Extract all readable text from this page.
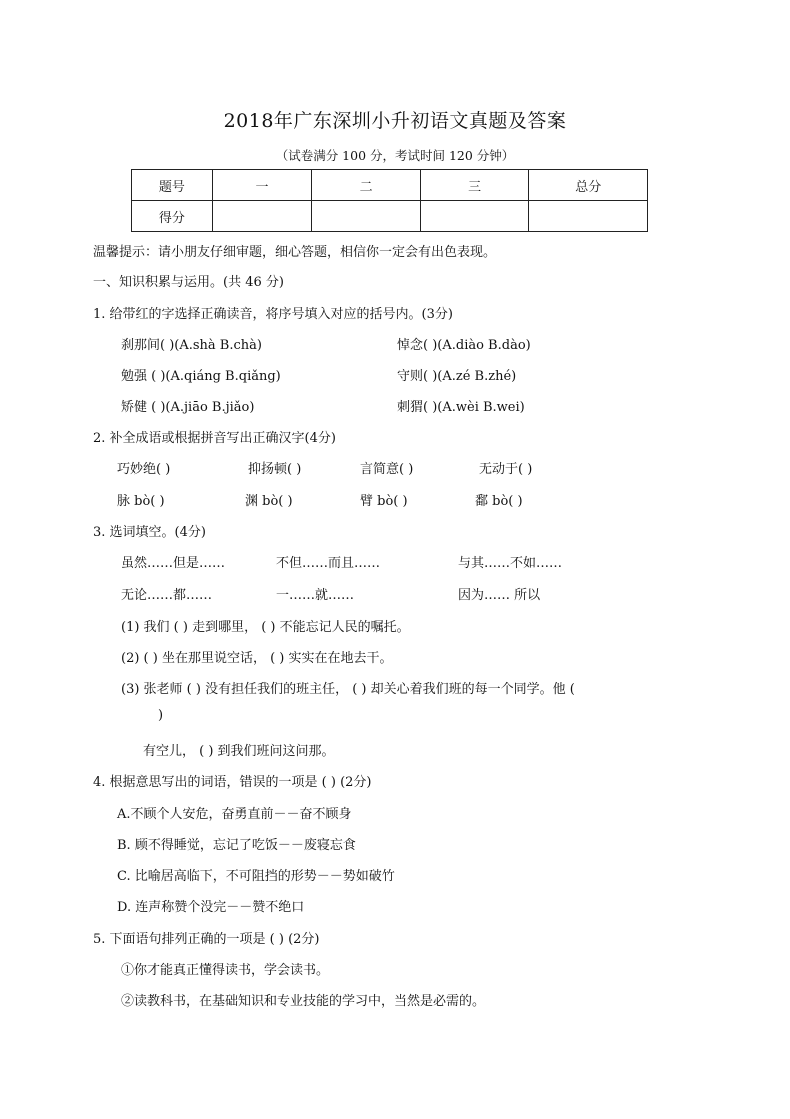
2018年广东深圳小升初语文真题及答案
（试卷满分 100 分，考试时间 120 分钟）
题号	一	二	三	总分
得分				
温馨提示：请小朋友仔细审题，细心答题，相信你一定会有出色表现。
一、知识积累与运用。(共 46 分)
1. 给带红的字选择正确读音，将序号填入对应的括号内。(3分)
刹那间( )(A.shà B.chà)	悼念( )(A.diào B.dào)
勉强 ( )(A.qiáng B.qiǎng)	守则( )(A.zé B.zhé)
矫健 ( )(A.jiāo B.jiǎo)	刺猬( )(A.wèi B.wei)
2. 补全成语或根据拼音写出正确汉字(4分)
巧妙绝( )	抑扬顿( )	言简意( )	无动于( )
脉 bò( )	渊 bò( )	臂 bò( )	鄱 bò( )
3. 选词填空。(4分)
虽然……但是……	不但……而且……	与其……不如……
无论……都……	一……就……	因为…… 所以
(1) 我们 ( ) 走到哪里， ( ) 不能忘记人民的嘱托。
(2) ( ) 坐在那里说空话， ( ) 实实在在地去干。
(3) 张老师 ( ) 没有担任我们的班主任， ( ) 却关心着我们班的每一个同学。他 (
)
有空儿， ( ) 到我们班问这问那。
4. 根据意思写出的词语，错误的一项是 ( ) (2分)
A.不顾个人安危，奋勇直前－－奋不顾身
B. 顾不得睡觉，忘记了吃饭－－废寝忘食
C. 比喻居高临下，不可阻挡的形势－－势如破竹
D. 连声称赞个没完－－赞不绝口
5. 下面语句排列正确的一项是 ( ) (2分)
①你才能真正懂得读书，学会读书。
②读教科书，在基础知识和专业技能的学习中，当然是必需的。
